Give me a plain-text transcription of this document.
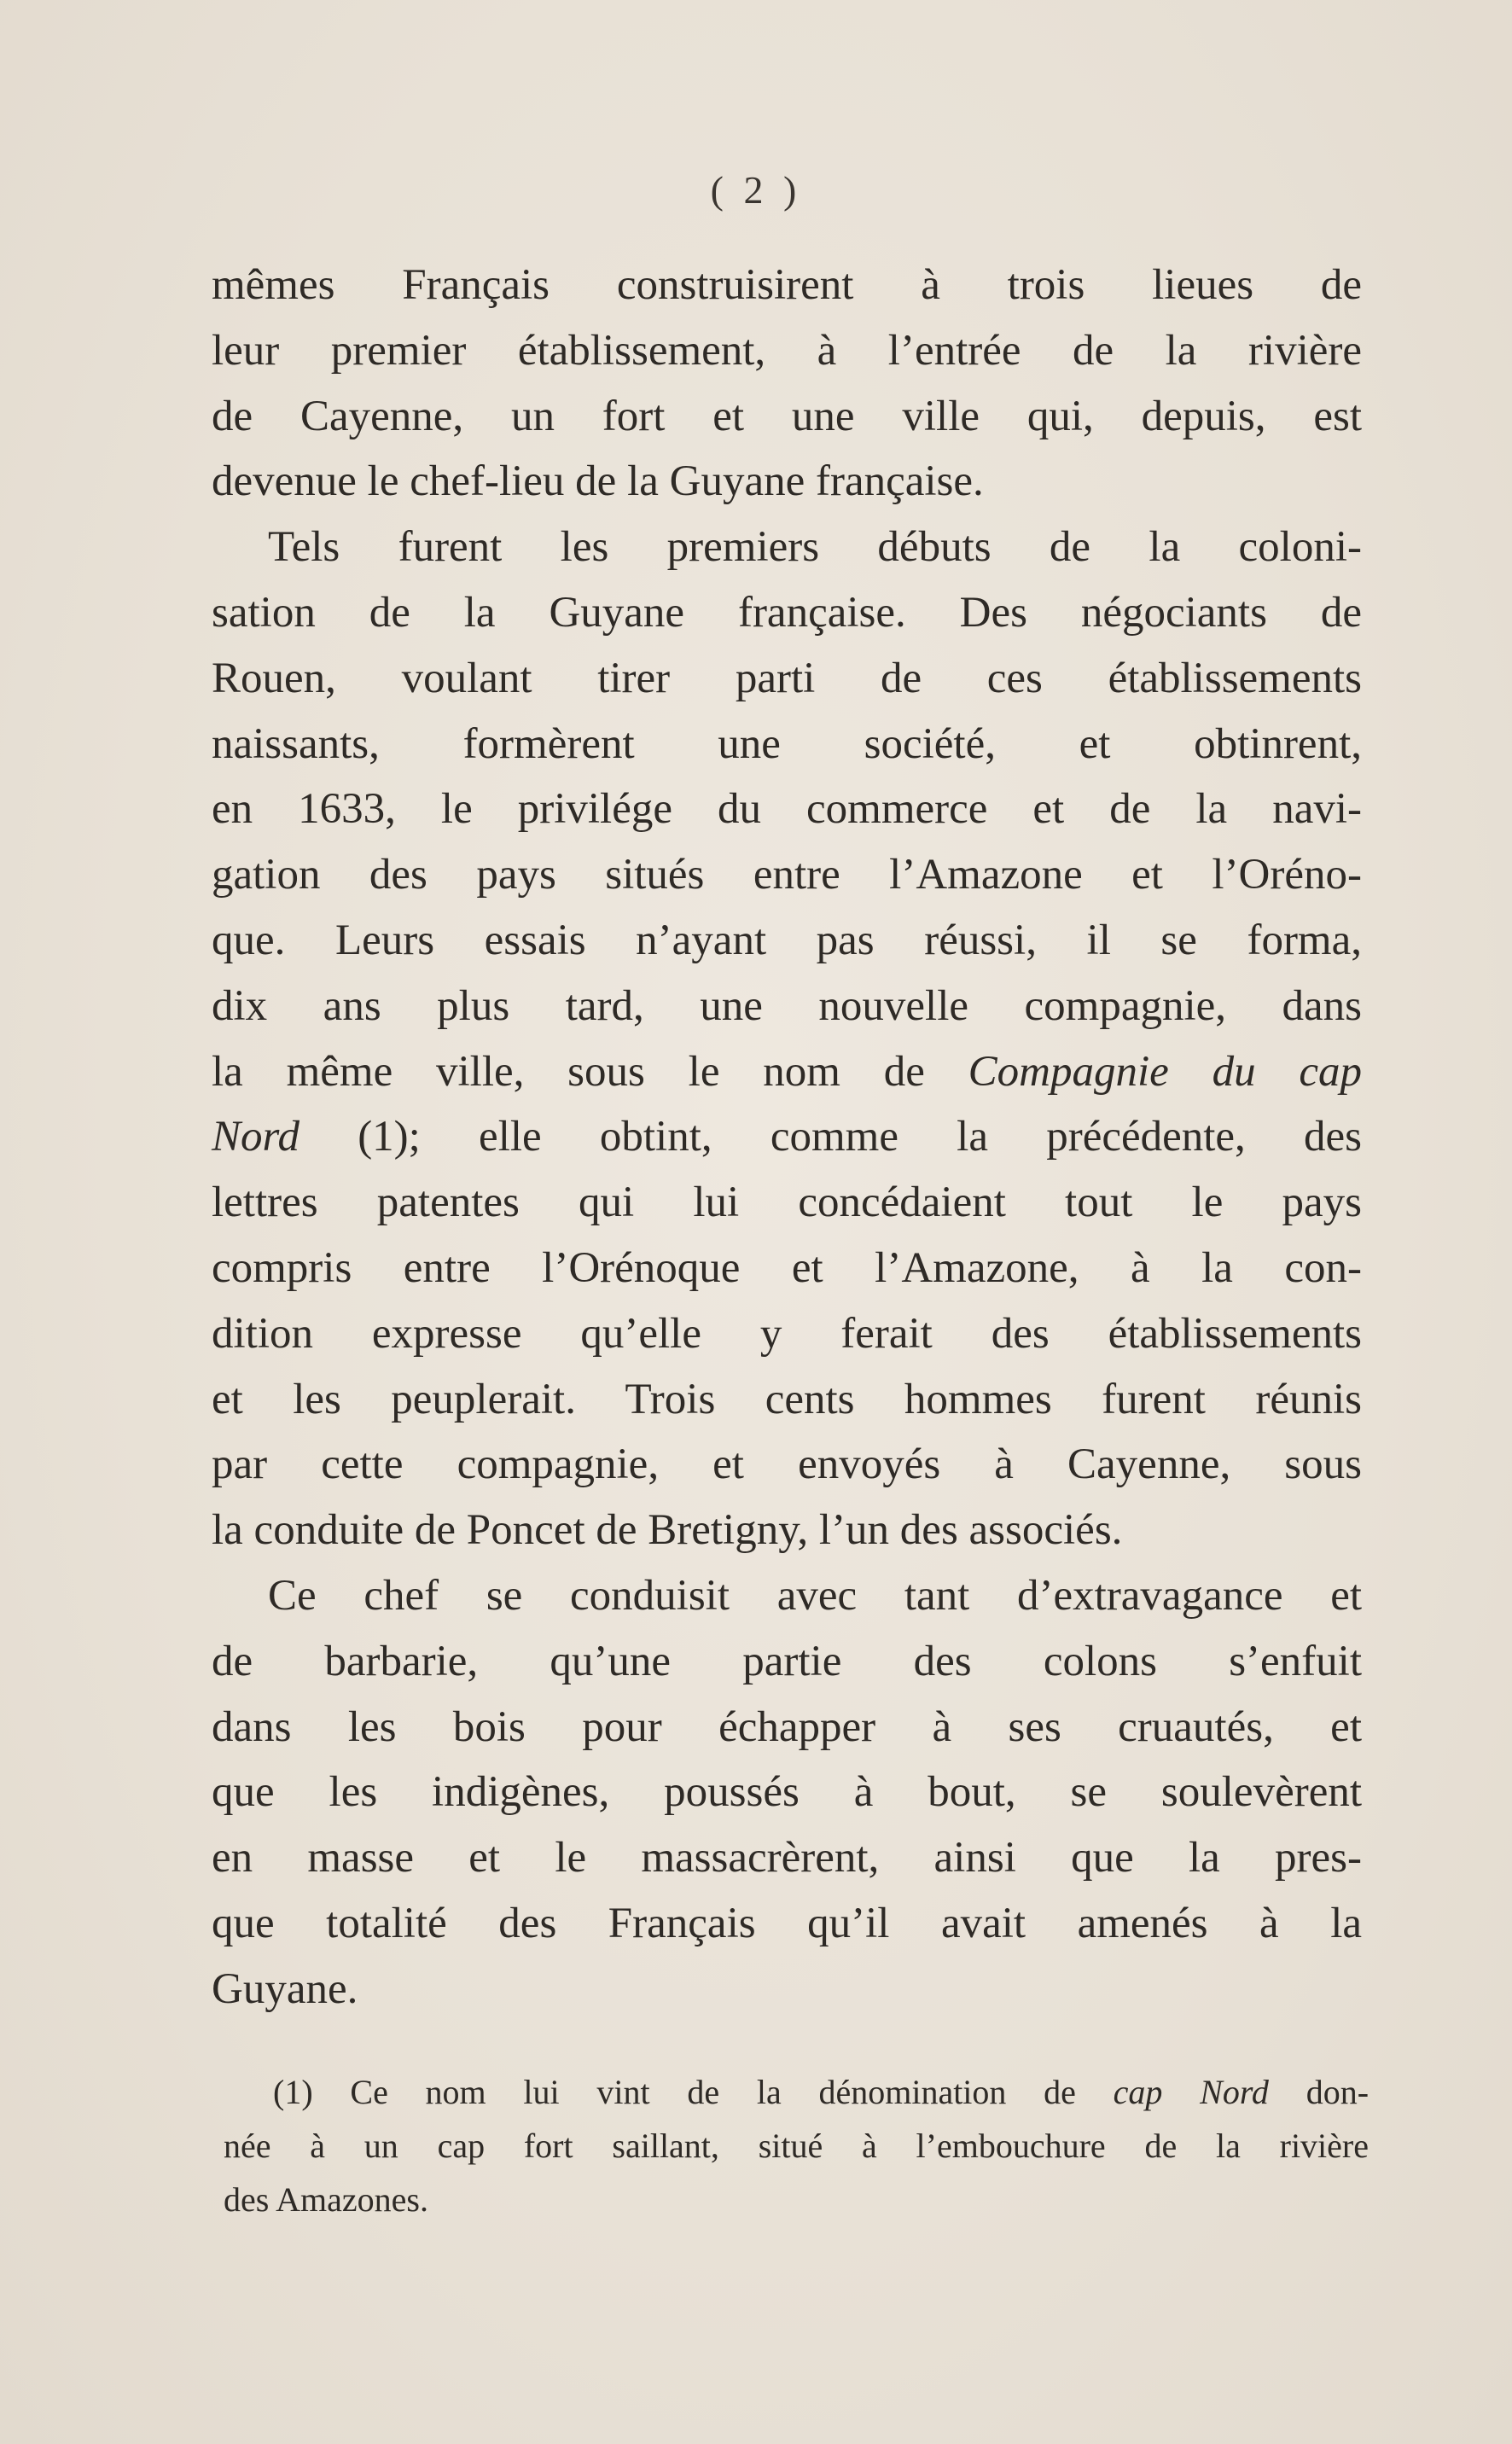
( 2 )
mêmes Français construisirent à trois lieues de
leur premier établissement, à l’entrée de la rivière
de Cayenne, un fort et une ville qui, depuis, est
devenue le chef-lieu de la Guyane française.
Tels furent les premiers débuts de la coloni-
sation de la Guyane française. Des négociants de
Rouen, voulant tirer parti de ces établissements
naissants, formèrent une société, et obtinrent,
en 1633, le privilége du commerce et de la navi-
gation des pays situés entre l’Amazone et l’Oréno-
que. Leurs essais n’ayant pas réussi, il se forma,
dix ans plus tard, une nouvelle compagnie, dans
la même ville, sous le nom de Compagnie du cap
Nord (1); elle obtint, comme la précédente, des
lettres patentes qui lui concédaient tout le pays
compris entre l’Orénoque et l’Amazone, à la con-
dition expresse qu’elle y ferait des établissements
et les peuplerait. Trois cents hommes furent réunis
par cette compagnie, et envoyés à Cayenne, sous
la conduite de Poncet de Bretigny, l’un des associés.
Ce chef se conduisit avec tant d’extravagance et
de barbarie, qu’une partie des colons s’enfuit
dans les bois pour échapper à ses cruautés, et
que les indigènes, poussés à bout, se soulevèrent
en masse et le massacrèrent, ainsi que la pres-
que totalité des Français qu’il avait amenés à la
Guyane.
(1) Ce nom lui vint de la dénomination de cap Nord don-
née à un cap fort saillant, situé à l’embouchure de la rivière
des Amazones.
